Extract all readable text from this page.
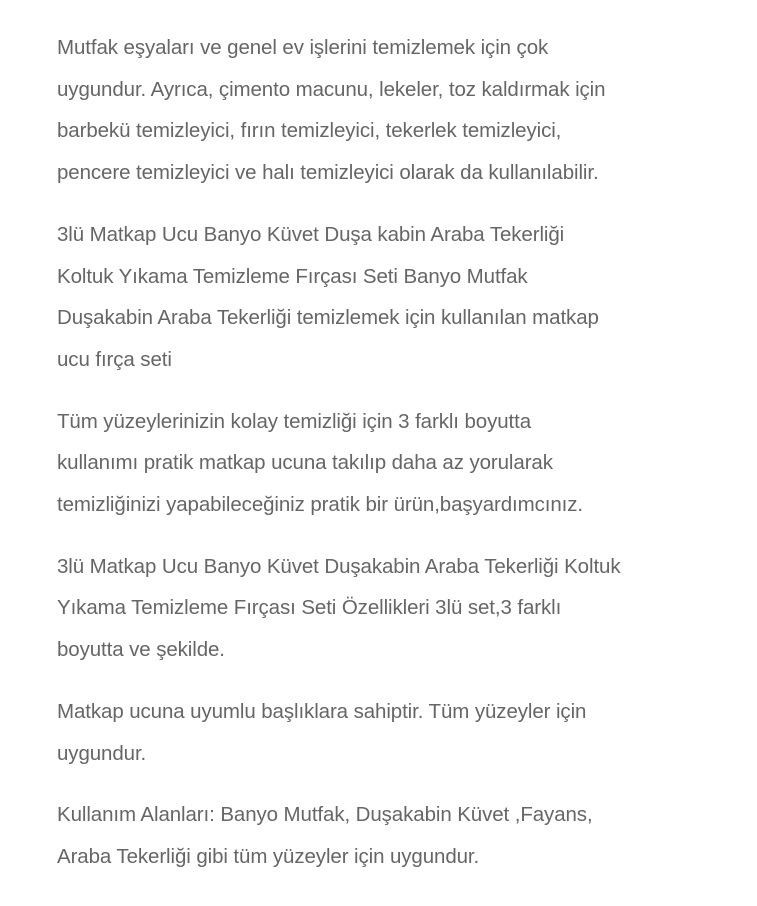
Mutfak eşyaları ve genel ev işlerini temizlemek için çok
uygundur. Ayrıca, çimento macunu, lekeler, toz kaldırmak için
barbekü temizleyici, fırın temizleyici, tekerlek temizleyici,
pencere temizleyici ve halı temizleyici olarak da kullanılabilir.

3lü Matkap Ucu Banyo Küvet Duşa kabin Araba Tekerliği
Koltuk Yıkama Temizleme Fırçası Seti Banyo Mutfak
Duşakabin Araba Tekerliği temizlemek için kullanılan matkap
ucu fırça seti

Tüm yüzeylerinizin kolay temizliği için 3 farklı boyutta
kullanımı pratik matkap ucuna takılıp daha az yorularak
temizliğinizi yapabileceğiniz pratik bir ürün,başyardımcınız.

3lü Matkap Ucu Banyo Küvet Duşakabin Araba Tekerliği Koltuk
Yıkama Temizleme Fırçası Seti Özellikleri 3lü set,3 farklı
boyutta ve şekilde.

Matkap ucuna uyumlu başlıklara sahiptir. Tüm yüzeyler için
uygundur.

Kullanım Alanları: Banyo Mutfak, Duşakabin Küvet ,Fayans,
Araba Tekerliği gibi tüm yüzeyler için uygundur.
